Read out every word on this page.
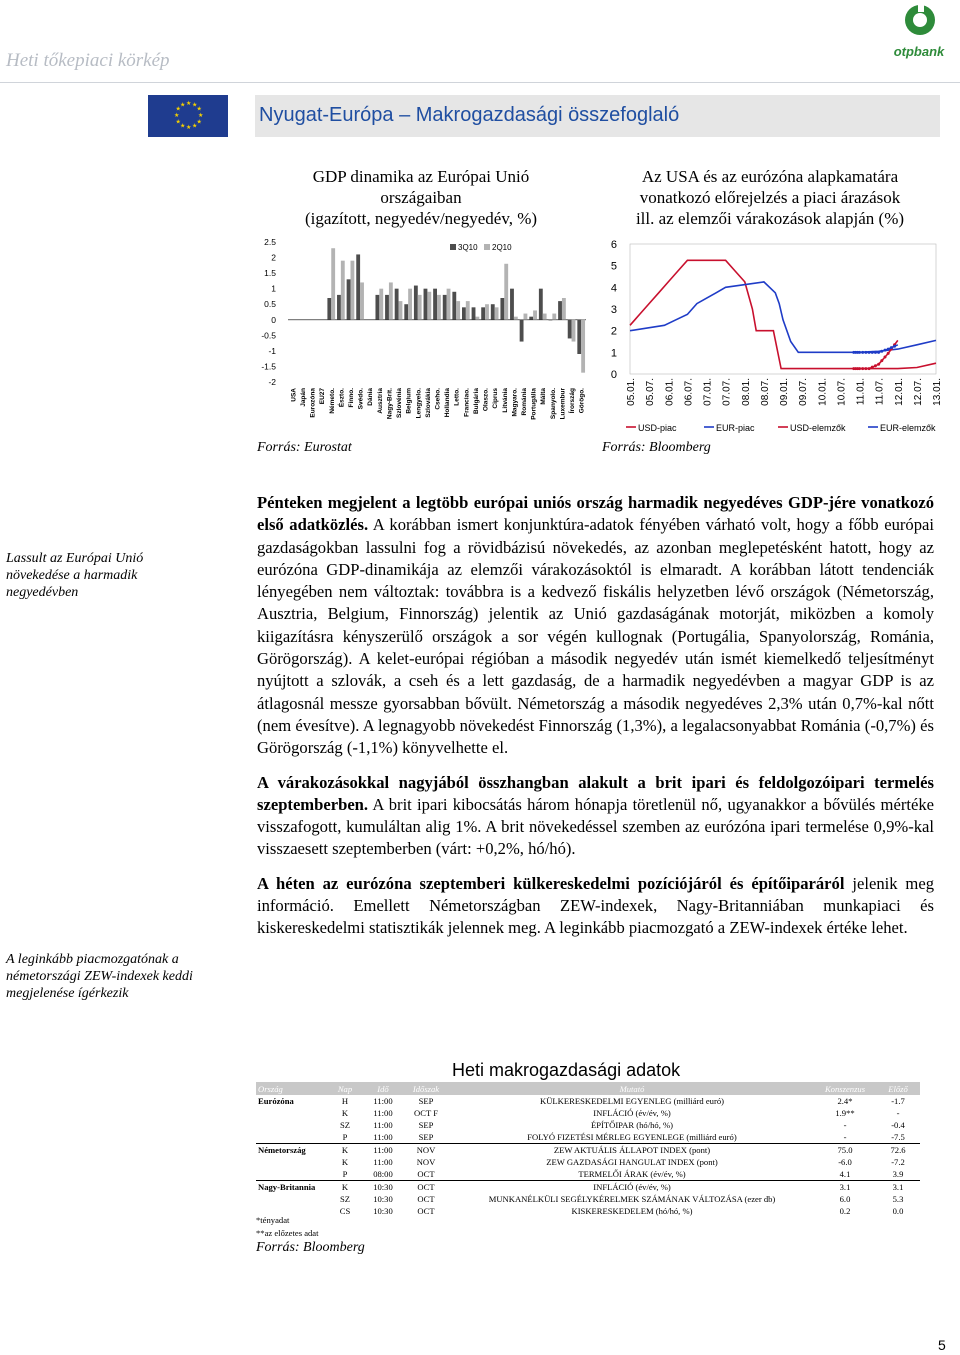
Heti tőkepiaci körkép	otpbank
★ ★
★
★
★
★
★
★
★
★
★
★	Nyugat-Európa – Makrogazdasági összefoglaló
GDP dinamika az Európai Unió
országaiban
(igazított, negyedév/negyedév, %)
2.5
2
1.5
1
0.5
0
-0.5
-1
-1.5
-2
3Q10 2Q10
USA Japán Eurozóna EU27 Németo. Észto. Finno. Svédo. Dánia Ausztria Nagy-Brit. Szlovénia Belgium Lengyelo. Szlovákia Csehо. Hollandia Lettо. Francіao. Bulgária Olaszo. Ciprus Litvánia Magyaro. Románia Portugália Málta Spanyolo. Luxembur Írország Görögo.
Forrás: Eurostat
Az USA és az eurózóna alapkamatára
vonatkozó előrejelzés a piaci árazások
ill. az elemzői várakozások alapján (%)
0
1
2
3
4
5
6
05.01. 05.07. 06.01. 06.07. 07.01. 07.07. 08.01. 08.07. 09.01. 09.07. 10.01. 10.07. 11.01. 11.07. 12.01. 12.07. 13.01.
USD-piac	EUR-piac	USD-elemzők	EUR-elemzők
Forrás: Bloomberg
Lassult az Európai Unió
növekedése a harmadik
negyedévben
A leginkább piacmozgatónak a
németországi ZEW-indexek keddi
megjelenése ígérkezik

Pénteken megjelent a legtöbb európai uniós ország harmadik negyedéves GDP-jére vonatkozó első adatközlés. A korábban ismert konjunktúra-adatok fényében várható volt, hogy a főbb európai gazdaságokban lassulni fog a rövidbázisú növekedés, az azonban meglepetésként hatott, hogy az eurózóna GDP-dinamikája az elemzői várakozásoktól is elmaradt. A korábban látott tendenciák lényegében nem változtak: továbbra is a kedvező fiskális helyzetben lévő országok (Németország, Ausztria, Belgium, Finnország) jelentik az Unió gazdaságának motorját, miközben a komoly kiigazításra kényszerülő országok a sor végén kullognak (Portugália, Spanyolország, Románia, Görögország). A kelet-európai régióban a második negyedév után ismét kiemelkedő teljesítményt nyújtott a szlovák, a cseh és a lett gazdaság, de a harmadik negyedévben a magyar GDP is az átlagosnál messze gyorsabban bővült. Németország a második negyedéves 2,3% után 0,7%-kal nőtt (nem évesítve). A legnagyobb növekedést Finnország (1,3%), a legalacsonyabbat Románia (-0,7%) és Görögország (-1,1%) könyvelhette el.

A várakozásokkal nagyjából összhangban alakult a brit ipari és feldolgozóipari termelés szeptemberben. A brit ipari kibocsátás három hónapja töretlenül nő, ugyanakkor a bővülés mértéke visszafogott, kumuláltan alig 1%. A brit növekedéssel szemben az eurózóna ipari termelése 0,9%-kal visszaesett szeptemberben (várt: +0,2%, hó/hó).

A héten az eurózóna szeptemberi külkereskedelmi pozíciójáról és építőiparáról jelenik meg információ. Emellett Németországban ZEW-indexek, Nagy-Britanniában munkapiaci és kiskereskedelmi statisztikák jelennek meg. A leginkább piacmozgató a ZEW-indexek értéke lehet.

Heti makrogazdasági adatok
Ország	Nap	Idő	Időszak	Mutató	Konszenzus	Előző
Eurózóna	H	11:00	SEP	KÜLKERESKEDELMI EGYENLEG (milliárd euró)	2.4*	-1.7
	K	11:00	OCT F	INFLÁCIÓ (év/év, %)	1.9**	-
	SZ	11:00	SEP	ÉPÍTŐIPAR (hó/hó, %)	-	-0.4
	P	11:00	SEP	FOLYÓ FIZETÉSI MÉRLEG EGYENLEGE (milliárd euró)	-	-7.5
Németország	K	11:00	NOV	ZEW AKTUÁLIS ÁLLAPOT INDEX (pont)	75.0	72.6
	K	11:00	NOV	ZEW GAZDASÁGI HANGULAT INDEX (pont)	-6.0	-7.2
	P	08:00	OCT	TERMELŐI ÁRAK (év/év, %)	4.1	3.9
Nagy-Britannia	K	10:30	OCT	INFLÁCIÓ (év/év, %)	3.1	3.1
	SZ	10:30	OCT	MUNKANÉLKÜLI SEGÉLYKÉRELMEK SZÁMÁNAK VÁLTOZÁSA (ezer db)	6.0	5.3
	CS	10:30	OCT	KISKERESKEDELEM (hó/hó, %)	0.2	0.0
*tényadat
**az előzetes adat
Forrás: Bloomberg
5
